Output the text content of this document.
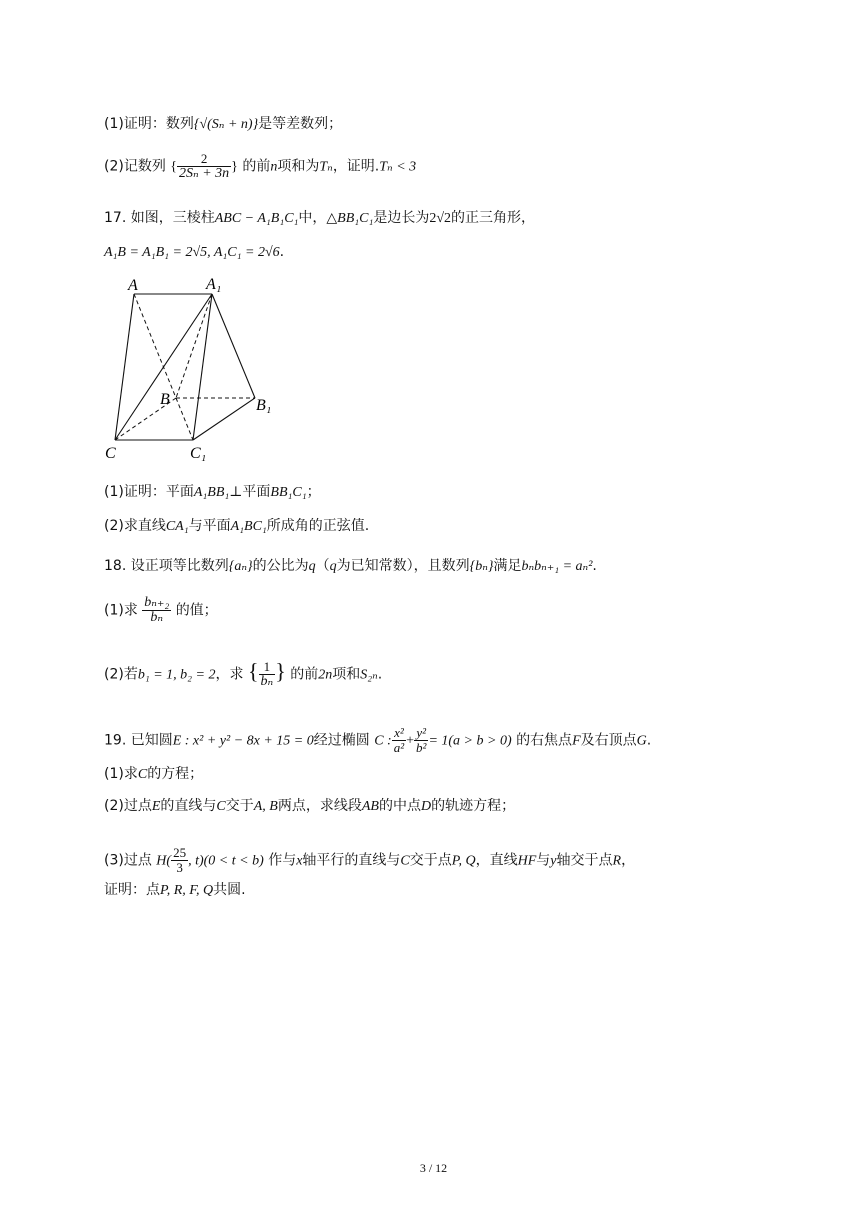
(1)证明：数列{√(Sₙ + n)}是等差数列；
(2)记数列 { $\frac{2}{\text{2Sₙ + 3n}}$ } 的前n项和为Tₙ，证明.Tₙ < 3
17. 如图，三棱柱ABC − A₁B₁C₁中，△BB₁C₁是边长为2√2的正三角形，
A₁B = A₁B₁ = 2√5, A₁C₁ = 2√6.
A	A₁
B	B₁
C	C₁
(1)证明：平面A₁BB₁⊥平面BB₁C₁；
(2)求直线CA₁与平面A₁BC₁所成角的正弦值.
18. 设正项等比数列{aₙ}的公比为q（q为已知常数），且数列{bₙ}满足bₙbₙ₊₁ = aₙ².
(1)求 $\frac{\text{bₙ₊₂}}{\text{bₙ}}$ 的值；
(2)若b₁ = 1, b₂ = 2，求 { $\frac{1}{\text{bₙ}}$ } 的前2n项和S₂ₙ.
19. 已知圆E : x² + y² − 8x + 15 = 0经过椭圆 C : $\frac{\text{x²}}{\text{a²}} + \frac{\text{y²}}{\text{b²}} = 1(a > b > 0)$ 的右焦点F及右顶点G.
(1)求C的方程；
(2)过点E的直线与C交于A, B两点，求线段AB的中点D的轨迹方程；
(3)过点 $H( \frac{25}{3}$ , t)(0 < t < b) 作与x轴平行的直线与C交于点P, Q，直线HF与y轴交于点R，
证明：点P, R, F, Q共圆.
3 / 12
